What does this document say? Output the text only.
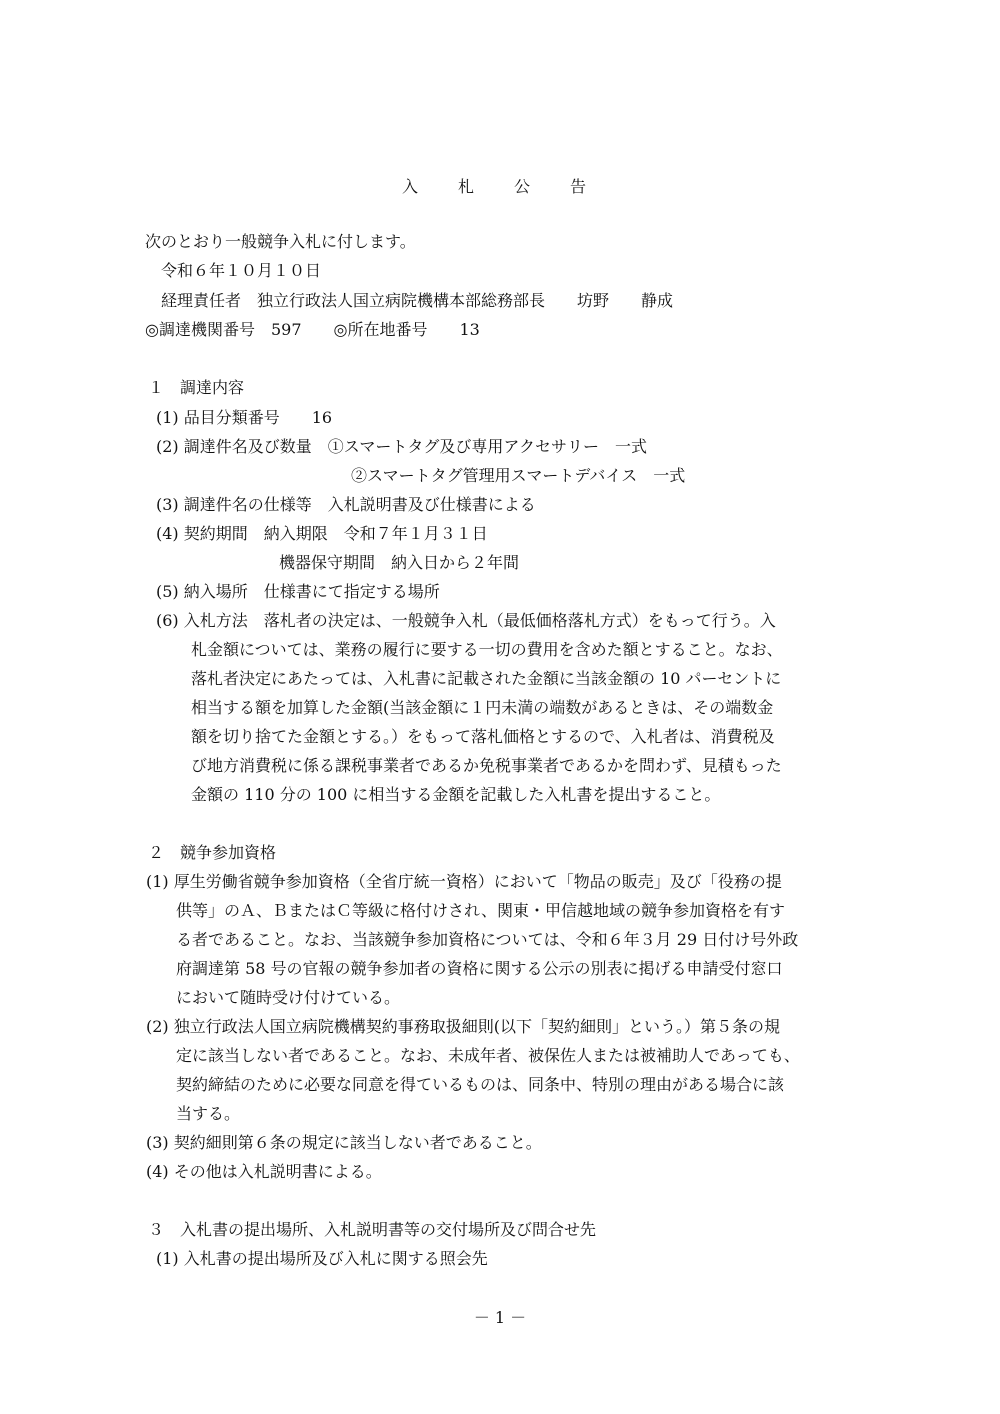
入　札　公　告
次のとおり一般競争入札に付します。
令和６年１０月１０日
経理責任者　独立行政法人国立病院機構本部総務部長　　坊野　　静成
◎調達機関番号　597　　◎所在地番号　　13
１　調達内容
(1) 品目分類番号　　16
(2) 調達件名及び数量　①スマートタグ及び専用アクセサリー　一式
②スマートタグ管理用スマートデバイス　一式
(3) 調達件名の仕様等　入札説明書及び仕様書による
(4) 契約期間　納入期限　令和７年１月３１日
機器保守期間　納入日から２年間
(5) 納入場所　仕様書にて指定する場所
(6) 入札方法　落札者の決定は、一般競争入札（最低価格落札方式）をもって行う。入
札金額については、業務の履行に要する一切の費用を含めた額とすること。なお、
落札者決定にあたっては、入札書に記載された金額に当該金額の 10 パーセントに
相当する額を加算した金額(当該金額に１円未満の端数があるときは、その端数金
額を切り捨てた金額とする。）をもって落札価格とするので、入札者は、消費税及
び地方消費税に係る課税事業者であるか免税事業者であるかを問わず、見積もった
金額の 110 分の 100 に相当する金額を記載した入札書を提出すること。
２　競争参加資格
(1) 厚生労働省競争参加資格（全省庁統一資格）において「物品の販売」及び「役務の提
供等」のＡ、ＢまたはＣ等級に格付けされ、関東・甲信越地域の競争参加資格を有す
る者であること。なお、当該競争参加資格については、令和６年３月 29 日付け号外政
府調達第 58 号の官報の競争参加者の資格に関する公示の別表に掲げる申請受付窓口
において随時受け付けている。
(2) 独立行政法人国立病院機構契約事務取扱細則(以下「契約細則」という。）第５条の規
定に該当しない者であること。なお、未成年者、被保佐人または被補助人であっても、
契約締結のために必要な同意を得ているものは、同条中、特別の理由がある場合に該
当する。
(3) 契約細則第６条の規定に該当しない者であること。
(4) その他は入札説明書による。
３　入札書の提出場所、入札説明書等の交付場所及び問合せ先
(1) 入札書の提出場所及び入札に関する照会先
－ 1 －
